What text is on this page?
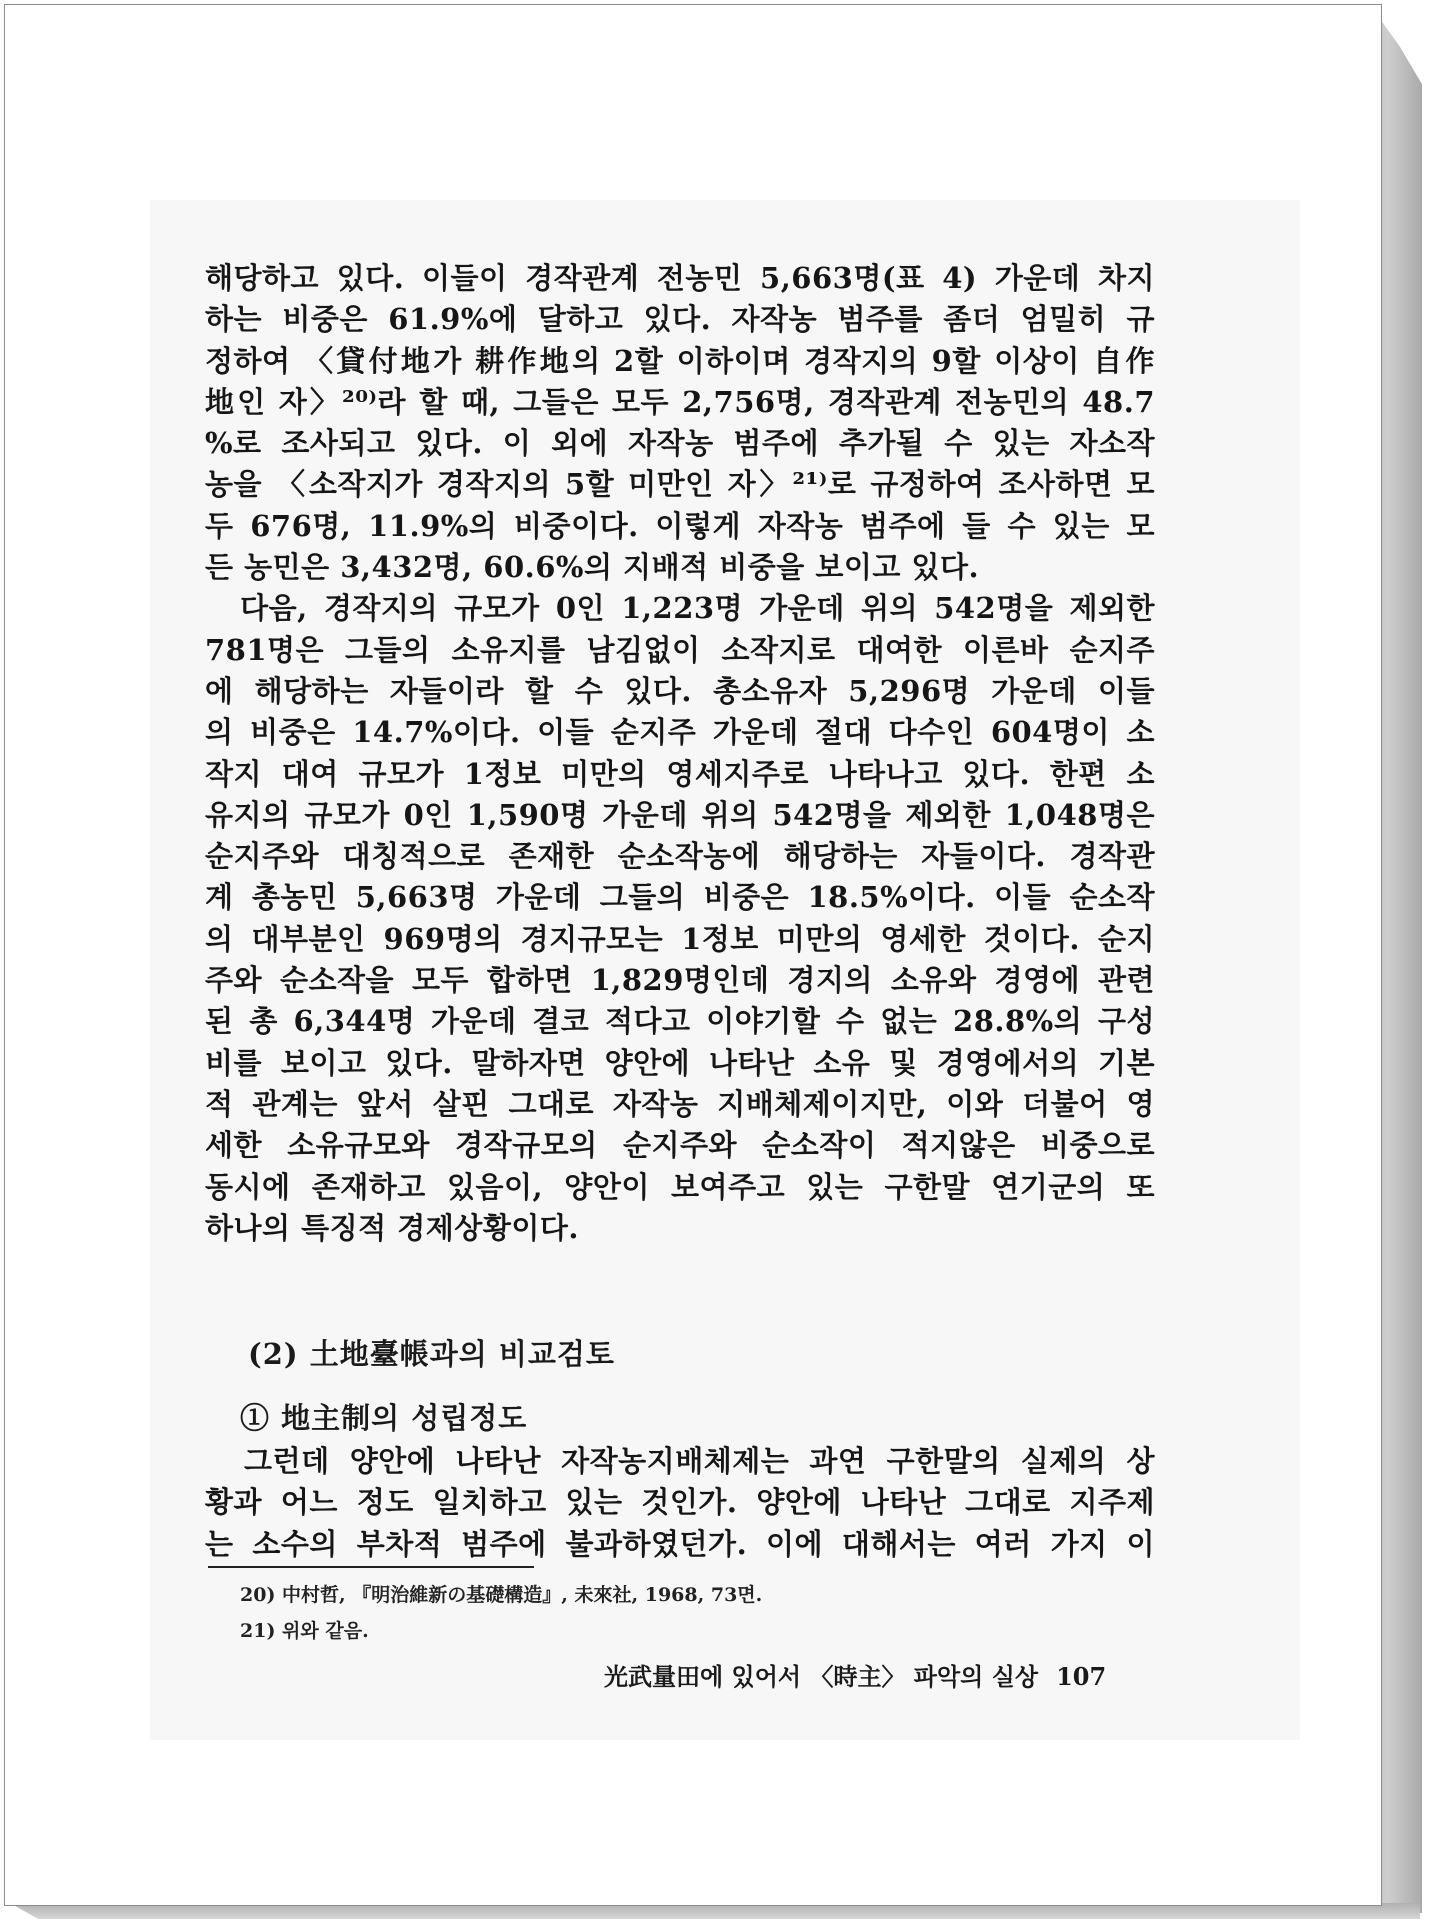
해당하고 있다. 이들이 경작관계 전농민 5,663명(표 4) 가운데 차지
하는 비중은 61.9%에 달하고 있다. 자작농 범주를 좀더 엄밀히 규
정하여 〈貸付地가 耕作地의 2할 이하이며 경작지의 9할 이상이 自作
地인 자〉²⁰⁾라 할 때, 그들은 모두 2,756명, 경작관계 전농민의 48.7
%로 조사되고 있다. 이 외에 자작농 범주에 추가될 수 있는 자소작
농을 〈소작지가 경작지의 5할 미만인 자〉²¹⁾로 규정하여 조사하면 모
두 676명, 11.9%의 비중이다. 이렇게 자작농 범주에 들 수 있는 모
든 농민은 3,432명, 60.6%의 지배적 비중을 보이고 있다.
　다음, 경작지의 규모가 0인 1,223명 가운데 위의 542명을 제외한
781명은 그들의 소유지를 남김없이 소작지로 대여한 이른바 순지주
에 해당하는 자들이라 할 수 있다. 총소유자 5,296명 가운데 이들
의 비중은 14.7%이다. 이들 순지주 가운데 절대 다수인 604명이 소
작지 대여 규모가 1정보 미만의 영세지주로 나타나고 있다. 한편 소
유지의 규모가 0인 1,590명 가운데 위의 542명을 제외한 1,048명은
순지주와 대칭적으로 존재한 순소작농에 해당하는 자들이다. 경작관
계 총농민 5,663명 가운데 그들의 비중은 18.5%이다. 이들 순소작
의 대부분인 969명의 경지규모는 1정보 미만의 영세한 것이다. 순지
주와 순소작을 모두 합하면 1,829명인데 경지의 소유와 경영에 관련
된 총 6,344명 가운데 결코 적다고 이야기할 수 없는 28.8%의 구성
비를 보이고 있다. 말하자면 양안에 나타난 소유 및 경영에서의 기본
적 관계는 앞서 살핀 그대로 자작농 지배체제이지만, 이와 더불어 영
세한 소유규모와 경작규모의 순지주와 순소작이 적지않은 비중으로
동시에 존재하고 있음이, 양안이 보여주고 있는 구한말 연기군의 또
하나의 특징적 경제상황이다.
(2) 土地臺帳과의 비교검토
① 地主制의 성립정도
　그런데 양안에 나타난 자작농지배체제는 과연 구한말의 실제의 상
황과 어느 정도 일치하고 있는 것인가. 양안에 나타난 그대로 지주제
는 소수의 부차적 범주에 불과하였던가. 이에 대해서는 여러 가지 이
20) 中村哲, 『明治維新の基礎構造』, 未來社, 1968, 73면.
21) 위와 같음.
光武量田에 있어서 〈時主〉 파악의 실상 107
